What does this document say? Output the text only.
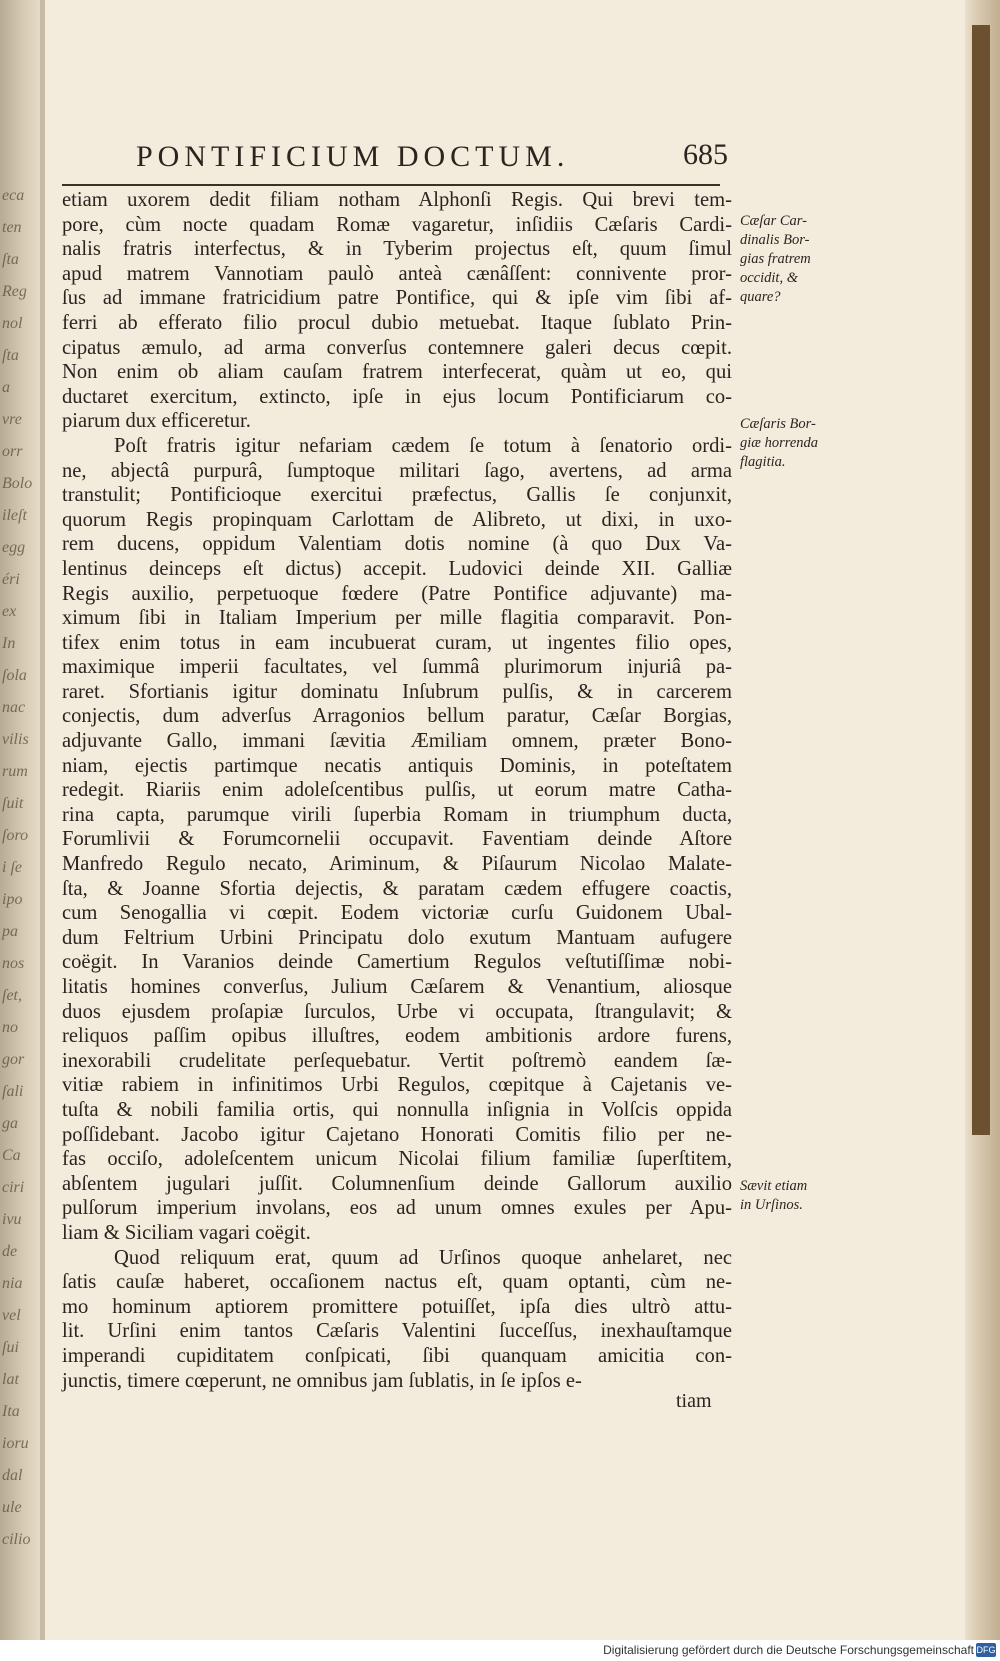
eca
ten
ſta
Reg
nol
ſta
a
vre
orr
Bolo
ileſt
egg
éri
ex
In
ſola
nac
vilis
rum
ſuit
ſoro
i ſe
ipo
pa
nos
ſet,
no
gor
ſali
ga
Ca
ciri
ivu
de
nia
vel
ſui
lat
Ita
ioru
dal
ule
cilio
PONTIFICIUM DOCTUM.	685
etiam uxorem dedit filiam notham Alphonſi Regis. Qui brevi tem-
pore, cùm nocte quadam Romæ vagaretur, inſidiis Cæſaris Cardi-
nalis fratris interfectus, & in Tyberim projectus eſt, quum ſimul
apud matrem Vannotiam paulò anteà cænâſſent: connivente pror-
ſus ad immane fratricidium patre Pontifice, qui & ipſe vim ſibi af-
ferri ab efferato filio procul dubio metuebat. Itaque ſublato Prin-
cipatus æmulo, ad arma converſus contemnere galeri decus cœpit.
Non enim ob aliam cauſam fratrem interfecerat, quàm ut eo, qui
ductaret exercitum, extincto, ipſe in ejus locum Pontificiarum co-
piarum dux efficeretur.
Poſt fratris igitur nefariam cædem ſe totum à ſenatorio ordi-
ne, abjectâ purpurâ, ſumptoque militari ſago, avertens, ad arma
transtulit; Pontificioque exercitui præfectus, Gallis ſe conjunxit,
quorum Regis propinquam Carlottam de Alibreto, ut dixi, in uxo-
rem ducens, oppidum Valentiam dotis nomine (à quo Dux Va-
lentinus deinceps eſt dictus) accepit. Ludovici deinde XII. Galliæ
Regis auxilio, perpetuoque fœdere (Patre Pontifice adjuvante) ma-
ximum ſibi in Italiam Imperium per mille flagitia comparavit. Pon-
tifex enim totus in eam incubuerat curam, ut ingentes filio opes,
maximique imperii facultates, vel ſummâ plurimorum injuriâ pa-
raret. Sfortianis igitur dominatu Inſubrum pulſis, & in carcerem
conjectis, dum adverſus Arragonios bellum paratur, Cæſar Borgias,
adjuvante Gallo, immani ſævitia Æmiliam omnem, præter Bono-
niam, ejectis partimque necatis antiquis Dominis, in poteſtatem
redegit. Riariis enim adoleſcentibus pulſis, ut eorum matre Catha-
rina capta, parumque virili ſuperbia Romam in triumphum ducta,
Forumlivii & Forumcornelii occupavit. Faventiam deinde Aſtore
Manfredo Regulo necato, Ariminum, & Piſaurum Nicolao Malate-
ſta, & Joanne Sfortia dejectis, & paratam cædem effugere coactis,
cum Senogallia vi cœpit. Eodem victoriæ curſu Guidonem Ubal-
dum Feltrium Urbini Principatu dolo exutum Mantuam aufugere
coëgit. In Varanios deinde Camertium Regulos veſtutiſſimæ nobi-
litatis homines converſus, Julium Cæſarem & Venantium, aliosque
duos ejusdem proſapiæ ſurculos, Urbe vi occupata, ſtrangulavit; &
reliquos paſſim opibus illuſtres, eodem ambitionis ardore furens,
inexorabili crudelitate perſequebatur. Vertit poſtremò eandem ſæ-
vitiæ rabiem in infinitimos Urbi Regulos, cœpitque à Cajetanis ve-
tuſta & nobili familia ortis, qui nonnulla inſignia in Volſcis oppida
poſſidebant. Jacobo igitur Cajetano Honorati Comitis filio per ne-
fas occiſo, adoleſcentem unicum Nicolai filium familiæ ſuperſtitem,
abſentem jugulari juſſit. Columnenſium deinde Gallorum auxilio
pulſorum imperium involans, eos ad unum omnes exules per Apu-
liam & Siciliam vagari coëgit.
Quod reliquum erat, quum ad Urſinos quoque anhelaret, nec
ſatis cauſæ haberet, occaſionem nactus eſt, quam optanti, cùm ne-
mo hominum aptiorem promittere potuiſſet, ipſa dies ultrò attu-
lit. Urſini enim tantos Cæſaris Valentini ſucceſſus, inexhauſtamque
imperandi cupiditatem conſpicati, ſibi quanquam amicitia con-
junctis, timere cœperunt, ne omnibus jam ſublatis, in ſe ipſos e-
Cæſar Car-
dinalis Bor-
gias fratrem
occidit, &
quare?
Cæſaris Bor-
giæ horrenda
flagitia.
Sævit etiam
in Urſinos.
tiam
Digitalisierung gefördert durch die Deutsche Forschungsgemeinschaft DFG
